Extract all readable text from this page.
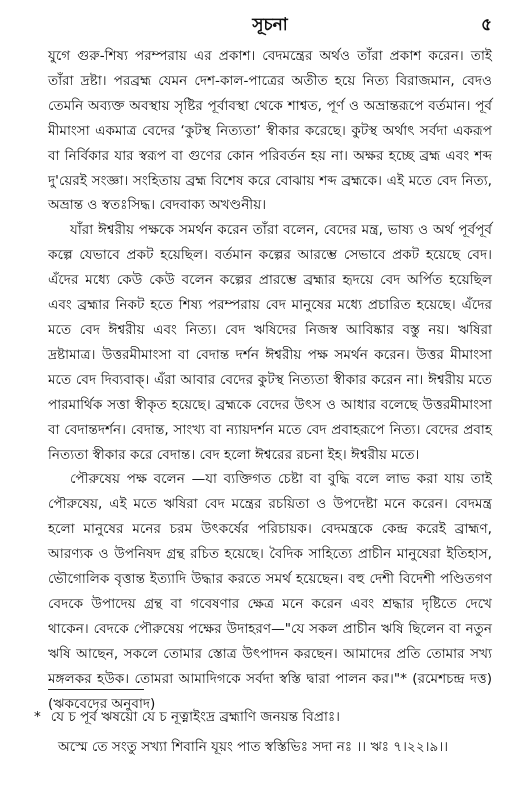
সূচনা	৫

যুগে গুরু-শিষ্য পরম্পরায় এর প্রকাশ। বেদমন্ত্রের অর্থও তাঁরা প্রকাশ করেন। তাই তাঁরা দ্রষ্টা। পরব্রহ্ম যেমন দেশ-কাল-পাত্রের অতীত হয়ে নিত্য বিরাজমান, বেদও তেমনি অব্যক্ত অবস্থায় সৃষ্টির পূর্বাবস্থা থেকে শাশ্বত, পূর্ণ ও অভ্রান্তরূপে বর্তমান। পূর্ব মীমাংসা একমাত্র বেদের ‘কুটস্থ নিত্যতা’ স্বীকার করেছে। কুটস্থ অর্থাৎ সর্বদা একরূপ বা নির্বিকার যার স্বরূপ বা গুণের কোন পরিবর্তন হয় না। অক্ষর হচ্ছে ব্রহ্ম এবং শব্দ দু'য়েরই সংজ্ঞা। সংহিতায় ব্রহ্ম বিশেষ করে বোঝায় শব্দ ব্রহ্মকে। এই মতে বেদ নিত্য, অভ্রান্ত ও স্বতঃসিদ্ধ। বেদবাক্য অখণ্ডনীয়।

যাঁরা ঈশ্বরীয় পক্ষকে সমর্থন করেন তাঁরা বলেন, বেদের মন্ত্র, ভাষ্য ও অর্থ পূর্বপূর্ব কল্পে যেভাবে প্রকট হয়েছিল। বর্তমান কল্পের আরম্ভে সেভাবে প্রকট হয়েছে বেদ। এঁদের মধ্যে কেউ কেউ বলেন কল্পের প্রারম্ভে ব্রহ্মার হৃদয়ে বেদ অর্পিত হয়েছিল এবং ব্রহ্মার নিকট হতে শিষ্য পরম্পরায় বেদ মানুষের মধ্যে প্রচারিত হয়েছে। এঁদের মতে বেদ ঈশ্বরীয় এবং নিত্য। বেদ ঋষিদের নিজস্ব আবিষ্কার বস্তু নয়। ঋষিরা দ্রষ্টামাত্র। উত্তরমীমাংসা বা বেদান্ত দর্শন ঈশ্বরীয় পক্ষ সমর্থন করেন। উত্তর মীমাংসা মতে বেদ দিব্যবাক্। এঁরা আবার বেদের কুটস্থ নিত্যতা স্বীকার করেন না। ঈশ্বরীয় মতে পারমার্থিক সত্তা স্বীকৃত হয়েছে। ব্রহ্মকে বেদের উৎস ও আধার বলেছে উত্তরমীমাংসা বা বেদান্তদর্শন। বেদান্ত, সাংখ্য বা ন্যায়দর্শন মতে বেদ প্রবাহরূপে নিত্য। বেদের প্রবাহ নিত্যতা স্বীকার করে বেদান্ত। বেদ হলো ঈশ্বরের রচনা ইহ। ঈশ্বরীয় মতে।

পৌরুষেয় পক্ষ বলেন —যা ব্যক্তিগত চেষ্টা বা বুদ্ধি বলে লাভ করা যায় তাই পৌরুষেয়, এই মতে ঋষিরা বেদ মন্ত্রের রচয়িতা ও উপদেষ্টা মনে করেন। বেদমন্ত্র হলো মানুষের মনের চরম উৎকর্ষের পরিচায়ক। বেদমন্ত্রকে কেন্দ্র করেই ব্রাহ্মণ, আরণ্যক ও উপনিষদ গ্রন্থ রচিত হয়েছে। বৈদিক সাহিত্যে প্রাচীন মানুষেরা ইতিহাস, ভৌগোলিক বৃত্তান্ত ইত্যাদি উদ্ধার করতে সমর্থ হয়েছেন। বহু দেশী বিদেশী পণ্ডিতগণ বেদকে উপাদেয় গ্রন্থ বা গবেষণার ক্ষেত্র মনে করেন এবং শ্রদ্ধার দৃষ্টিতে দেখে থাকেন। বেদকে পৌরুষেয় পক্ষের উদাহরণ—"যে সকল প্রাচীন ঋষি ছিলেন বা নতুন ঋষি আছেন, সকলে তোমার স্তোত্র উৎপাদন করছেন। আমাদের প্রতি তোমার সখ্য মঙ্গলকর হউক। তোমরা আমাদিগকে সর্বদা স্বস্তি দ্বারা পালন কর।"* (রমেশচন্দ্র দত্ত) (ঋকবেদের অনুবাদ)

* যে চ পূর্ব ঋষয়ো যে চ নূত্নাইংদ্র ব্রহ্মাণি জনয়ন্ত বিপ্রাঃ।
অস্মে তে সংতু সখ্যা শিবানি যূয়ং পাত স্বস্তিভিঃ সদা নঃ ।। ঋঃ ৭।২২।৯।।
